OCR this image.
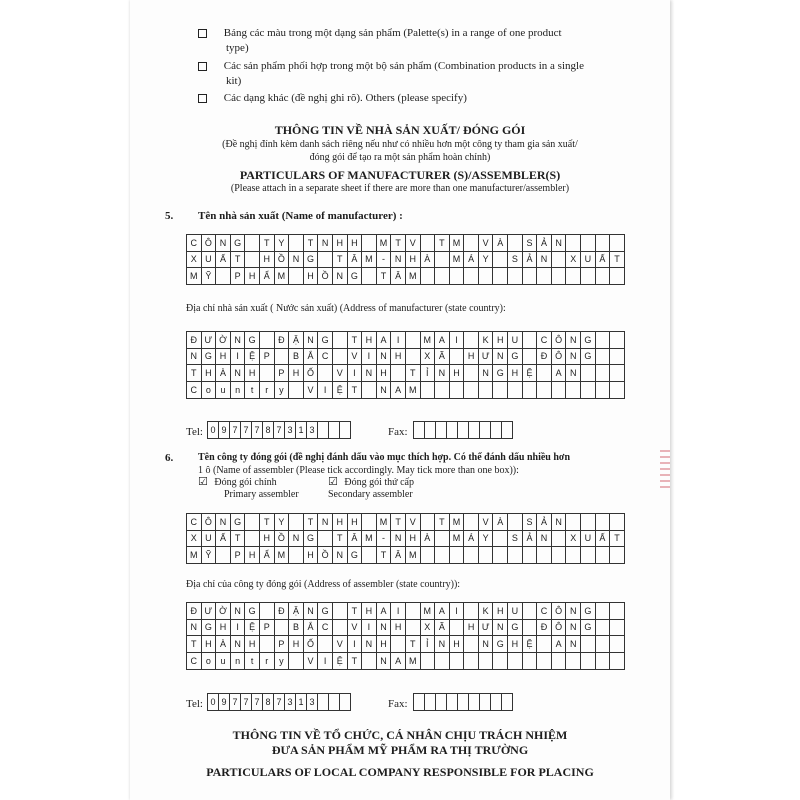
Bảng các màu trong một dạng sản phẩm (Palette(s) in a range of one product
type)
Các sản phẩm phối hợp trong một bộ sản phẩm (Combination products in a single
kit)
Các dạng khác (đề nghị ghi rõ). Others (please specify)
THÔNG TIN VỀ NHÀ SẢN XUẤT/ ĐÓNG GÓI
(Đề nghị đính kèm danh sách riêng nếu như có nhiều hơn một công ty tham gia sản xuất/
đóng gói để tạo ra một sản phẩm hoàn chỉnh)
PARTICULARS OF MANUFACTURER (S)/ASSEMBLER(S)
(Please attach in a separate sheet if there are more than one manufacturer/assembler)
5. Tên nhà sản xuất (Name of manufacturer) :
C Ô N G	T Y	T N H H	M T V	T M	V À	S Ả N
X U Ấ T	H Ồ N G	T Â M	-	N H À	M Á Y	S Ả N	X U Ấ T
M Ỹ	P H Ẩ M	H Ồ N G	T Â M
Địa chỉ nhà sản xuất ( Nước sản xuất) (Address of manufacturer (state country):
Đ Ư Ờ N G	Đ Ặ N G	T H A	I	M A	I	K H U	C Ô N G
N G H	I	Ệ P	B Ắ C	V	I	N H	X Ã	H Ư N G	Đ Ô N G
T H À N H	P H Ố	V	I	N H	T	Ỉ	N H	N G H Ệ	A N
C o	u	n	t	r	y	V	I	Ệ T	N A M
Tel: 0 9 7 7 7 8 7 3 1 3	Fax:
6. Tên công ty đóng gói (đề nghị đánh dấu vào mục thích hợp. Có thể đánh dấu nhiều hơn
1 ô (Name of assembler (Please tick accordingly. May tick more than one box)):
☑ Đóng gói chính
Primary assembler
☑ Đóng gói thứ cấp
Secondary assembler
C Ô N G	T Y	T N H H	M T V	T M	V À	S Ả N
X U Ấ T	H Ồ N G	T Â M	-	N H À	M Á Y	S Ả N	X U Ấ T
M Ỹ	P H Ẩ M	H Ồ N G	T Â M
Địa chỉ của công ty đóng gói (Address of assembler (state country)):
Đ Ư Ờ N G	Đ Ặ N G	T H A	I	M A	I	K H U	C Ô N G
N G H	I	Ệ P	B Ắ C	V	I	N H	X Ã	H Ư N G	Đ Ô N G
T H À N H	P H Ố	V	I	N H	T	Ỉ	N H	N G H Ệ	A N
C o	u	n	t	r	y	V	I	Ệ T	N A M
Tel: 0 9 7 7 7 8 7 3 1 3	Fax:
THÔNG TIN VỀ TỔ CHỨC, CÁ NHÂN CHỊU TRÁCH NHIỆM
ĐƯA SẢN PHẨM MỸ PHẨM RA THỊ TRƯỜNG
PARTICULARS OF LOCAL COMPANY RESPONSIBLE FOR PLACING
